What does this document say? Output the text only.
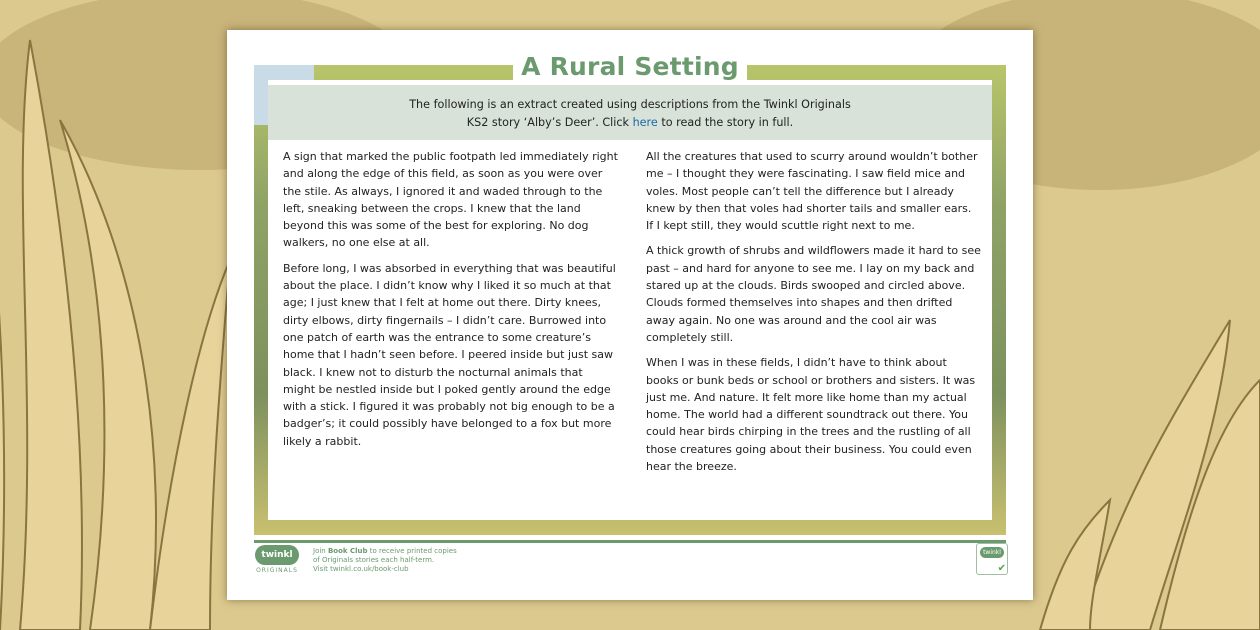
A Rural Setting
The following is an extract created using descriptions from the Twinkl Originals
KS2 story ‘Alby’s Deer’. Click here to read the story in full.

A sign that marked the public footpath led immediately right and along the edge of this field, as soon as you were over the stile. As always, I ignored it and waded through to the left, sneaking between the crops. I knew that the land beyond this was some of the best for exploring. No dog walkers, no one else at all.

Before long, I was absorbed in everything that was beautiful about the place. I didn’t know why I liked it so much at that age; I just knew that I felt at home out there. Dirty knees, dirty elbows, dirty fingernails – I didn’t care. Burrowed into one patch of earth was the entrance to some creature’s home that I hadn’t seen before. I peered inside but just saw black. I knew not to disturb the nocturnal animals that might be nestled inside but I poked gently around the edge with a stick. I figured it was probably not big enough to be a badger’s; it could possibly have belonged to a fox but more likely a rabbit.

All the creatures that used to scurry around wouldn’t bother me – I thought they were fascinating. I saw field mice and voles. Most people can’t tell the difference but I already knew by then that voles had shorter tails and smaller ears. If I kept still, they would scuttle right next to me.

A thick growth of shrubs and wildflowers made it hard to see past – and hard for anyone to see me. I lay on my back and stared up at the clouds. Birds swooped and circled above. Clouds formed themselves into shapes and then drifted away again. No one was around and the cool air was completely still.

When I was in these fields, I didn’t have to think about books or bunk beds or school or brothers and sisters. It was just me. And nature. It felt more like home than my actual home. The world had a different soundtrack out there. You could hear birds chirping in the trees and the rustling of all those creatures going about their business. You could even hear the breeze.

twinkl
ORIGINALS
Join Book Club to receive printed copies
of Originals stories each half-term.
Visit twinkl.co.uk/book-club
twinkl
✔
